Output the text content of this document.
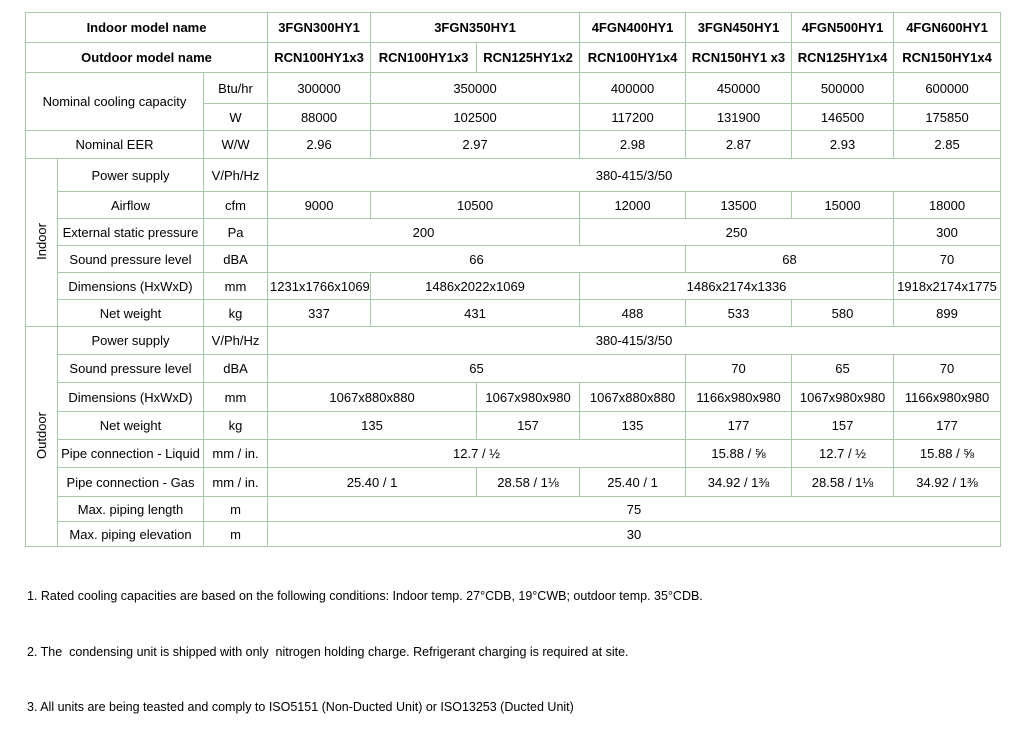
Indoor model name			3FGN300HY1	3FGN350HY1		4FGN400HY1	3FGN450HY1	4FGN500HY1	4FGN600HY1
Outdoor model name			RCN100HY1x3	RCN100HY1x3	RCN125HY1x2	RCN100HY1x4	RCN150HY1 x3	RCN125HY1x4	RCN150HY1x4
Nominal cooling capacity		Btu/hr	300000	350000		400000	450000	500000	600000
		W	88000	102500		117200	131900	146500	175850
Nominal EER		W/W	2.96	2.97		2.98	2.87	2.93	2.85
Indoor	Power supply	V/Ph/Hz	380-415/3/50						
	Airflow	cfm	9000	10500		12000	13500	15000	18000
	External static pressure	Pa	200			250			300
	Sound pressure level	dBA	66				68		70
	Dimensions (HxWxD)	mm	1231x1766x1069	1486x2022x1069		1486x2174x1336			1918x2174x1775
	Net weight	kg	337	431		488	533	580	899
Outdoor	Power supply	V/Ph/Hz	380-415/3/50						
	Sound pressure level	dBA	65				70	65	70
	Dimensions (HxWxD)	mm	1067x880x880		1067x980x980	1067x880x880	1166x980x980	1067x980x980	1166x980x980
	Net weight	kg	135		157	135	177	157	177
	Pipe connection - Liquid	mm / in.	12.7 / ½				15.88 / ⅝	12.7 / ½	15.88 / ⅝
	Pipe connection - Gas	mm / in.	25.40 / 1		28.58 / 1⅛	25.40 / 1	34.92 / 1⅜	28.58 / 1⅛	34.92 / 1⅜
	Max. piping length	m	75						
	Max. piping elevation	m	30						

1. Rated cooling capacities are based on the following conditions: Indoor temp. 27°CDB, 19°CWB; outdoor temp. 35°CDB.

2. The  condensing unit is shipped with only  nitrogen holding charge. Refrigerant charging is required at site.

3. All units are being teasted and comply to ISO5151 (Non-Ducted Unit) or ISO13253 (Ducted Unit)
